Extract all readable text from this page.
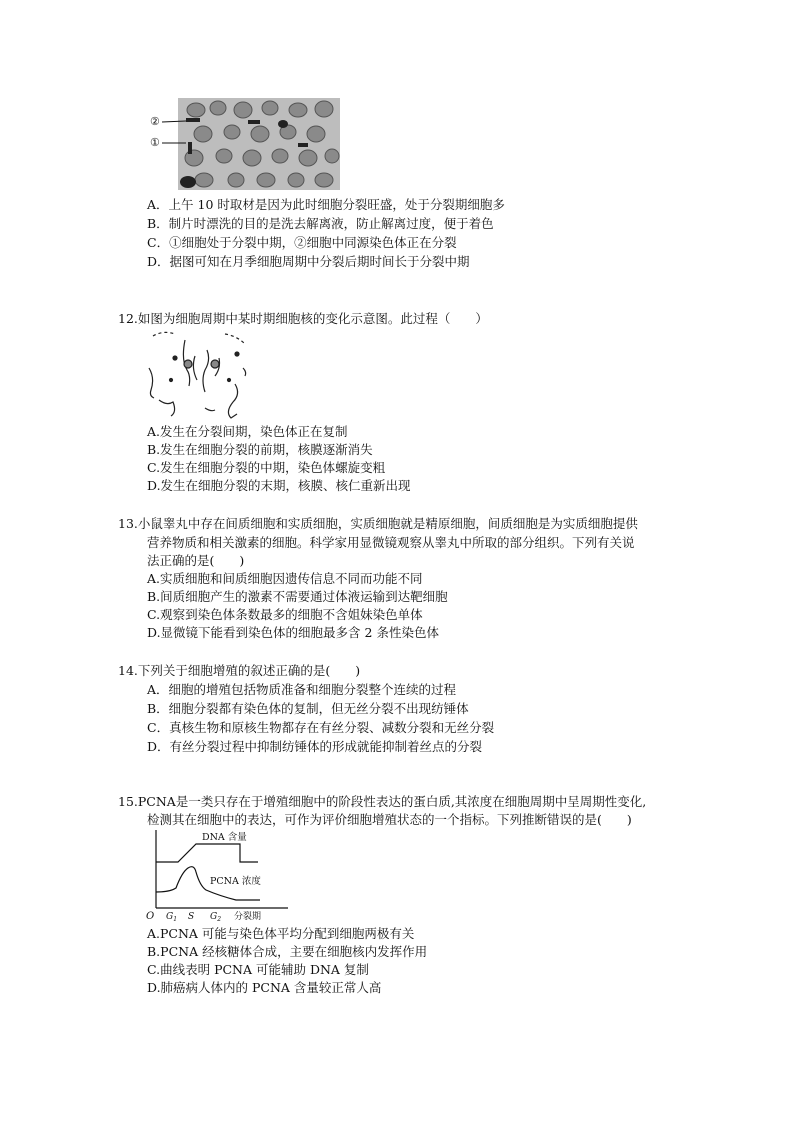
②
①
A．上午 10 时取材是因为此时细胞分裂旺盛，处于分裂期细胞多
B．制片时漂洗的目的是洗去解离液，防止解离过度，便于着色
C．①细胞处于分裂中期，②细胞中同源染色体正在分裂
D．据图可知在月季细胞周期中分裂后期时间长于分裂中期
12.如图为细胞周期中某时期细胞核的变化示意图。此过程（　　）
A.发生在分裂间期，染色体正在复制
B.发生在细胞分裂的前期，核膜逐渐消失
C.发生在细胞分裂的中期，染色体螺旋变粗
D.发生在细胞分裂的末期，核膜、核仁重新出现
13.小鼠睾丸中存在间质细胞和实质细胞，实质细胞就是精原细胞，间质细胞是为实质细胞提供
营养物质和相关激素的细胞。科学家用显微镜观察从睾丸中所取的部分组织。下列有关说
法正确的是(　　)
A.实质细胞和间质细胞因遗传信息不同而功能不同
B.间质细胞产生的激素不需要通过体液运输到达靶细胞
C.观察到染色体条数最多的细胞不含姐妹染色单体
D.显微镜下能看到染色体的细胞最多含 2 条性染色体
14.下列关于细胞增殖的叙述正确的是(　　)
A．细胞的增殖包括物质准备和细胞分裂整个连续的过程
B．细胞分裂都有染色体的复制，但无丝分裂不出现纺锤体
C．真核生物和原核生物都存在有丝分裂、减数分裂和无丝分裂
D．有丝分裂过程中抑制纺锤体的形成就能抑制着丝点的分裂
15.PCNA是一类只存在于增殖细胞中的阶段性表达的蛋白质,其浓度在细胞周期中呈周期性变化,
检测其在细胞中的表达，可作为评价细胞增殖状态的一个指标。下列推断错误的是(　　)
O
DNA 含量
PCNA 浓度
$G_1$ S $G_2$ 分裂期
A.PCNA 可能与染色体平均分配到细胞两极有关
B.PCNA 经核糖体合成，主要在细胞核内发挥作用
C.曲线表明 PCNA 可能辅助 DNA 复制
D.肺癌病人体内的 PCNA 含量较正常人高
